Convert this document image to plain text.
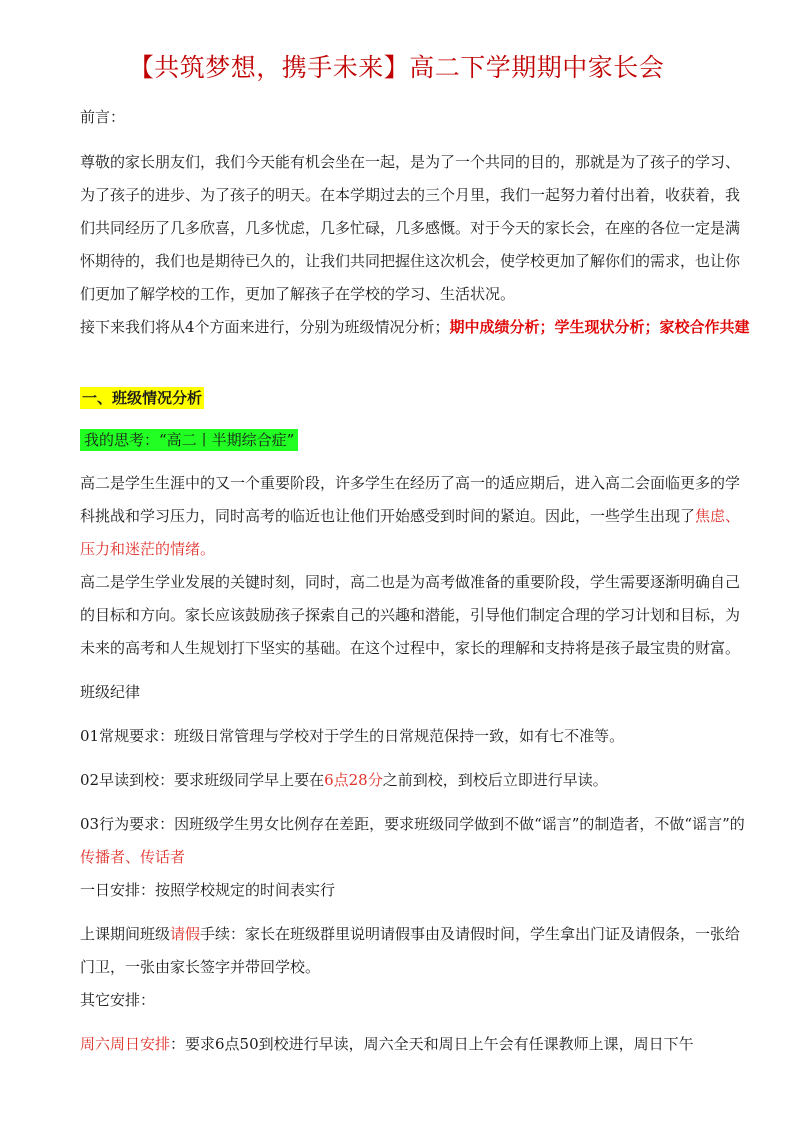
【共筑梦想，携手未来】高二下学期期中家长会

前言：

尊敬的家长朋友们，我们今天能有机会坐在一起，是为了一个共同的目的，那就是为了孩子的学习、为了孩子的进步、为了孩子的明天。在本学期过去的三个月里，我们一起努力着付出着，收获着，我们共同经历了几多欣喜，几多忧虑，几多忙碌，几多感慨。对于今天的家长会，在座的各位一定是满怀期待的，我们也是期待已久的，让我们共同把握住这次机会，使学校更加了解你们的需求，也让你们更加了解学校的工作，更加了解孩子在学校的学习、生活状况。

接下来我们将从4个方面来进行，分别为班级情况分析；期中成绩分析；学生现状分析；家校合作共建

一、班级情况分析

我的思考：“高二丨半期综合症”

高二是学生生涯中的又一个重要阶段，许多学生在经历了高一的适应期后，进入高二会面临更多的学科挑战和学习压力，同时高考的临近也让他们开始感受到时间的紧迫。因此，一些学生出现了焦虑、压力和迷茫的情绪。

高二是学生学业发展的关键时刻，同时，高二也是为高考做准备的重要阶段，学生需要逐渐明确自己的目标和方向。家长应该鼓励孩子探索自己的兴趣和潜能，引导他们制定合理的学习计划和目标，为未来的高考和人生规划打下坚实的基础。在这个过程中，家长的理解和支持将是孩子最宝贵的财富。

班级纪律

01常规要求：班级日常管理与学校对于学生的日常规范保持一致，如有七不准等。

02早读到校：要求班级同学早上要在6点28分之前到校，到校后立即进行早读。

03行为要求：因班级学生男女比例存在差距，要求班级同学做到不做“谣言”的制造者，不做“谣言”的传播者、传话者

一日安排：按照学校规定的时间表实行

上课期间班级请假手续：家长在班级群里说明请假事由及请假时间，学生拿出门证及请假条，一张给门卫，一张由家长签字并带回学校。

其它安排：

周六周日安排：要求6点50到校进行早读，周六全天和周日上午会有任课教师上课，周日下午
